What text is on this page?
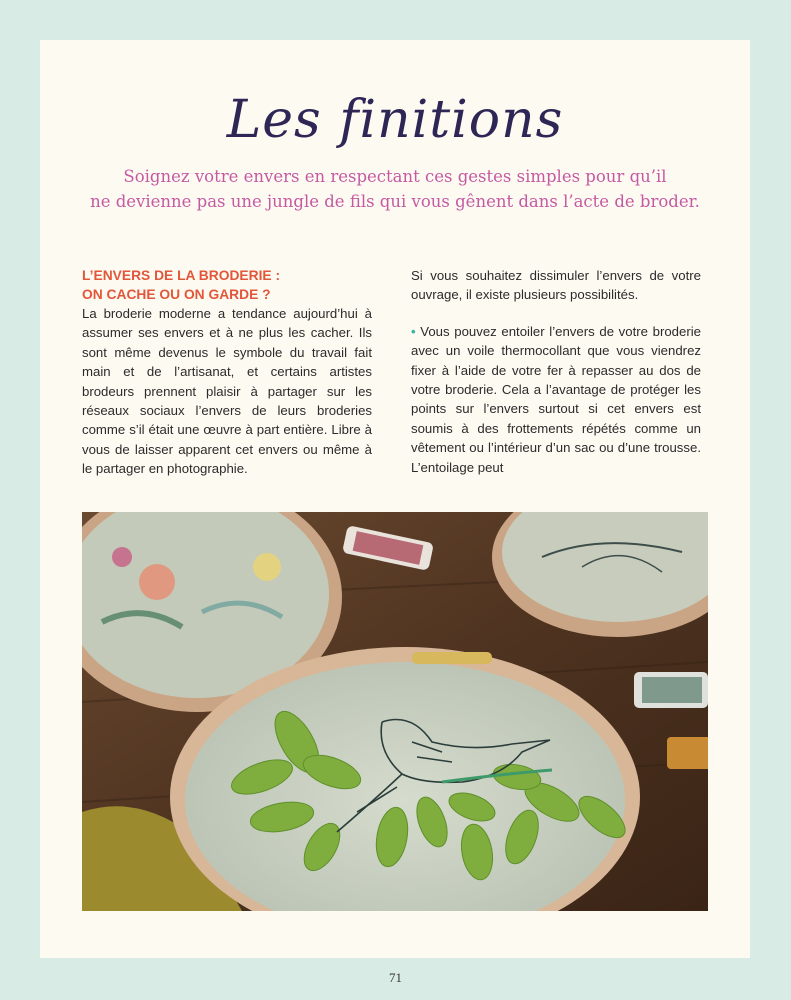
Les finitions
Soignez votre envers en respectant ces gestes simples pour qu’il
ne devienne pas une jungle de fils qui vous gênent dans l’acte de broder.
L’ENVERS DE LA BRODERIE :
ON CACHE OU ON GARDE ?

La broderie moderne a tendance aujourd’hui à assumer ses envers et à ne plus les cacher. Ils sont même devenus le symbole du travail fait main et de l’artisanat, et certains artistes brodeurs prennent plaisir à partager sur les réseaux sociaux l’envers de leurs broderies comme s’il était une œuvre à part entière. Libre à vous de laisser apparent cet envers ou même à le partager en photographie.

Si vous souhaitez dissimuler l’envers de votre ouvrage, il existe plusieurs possibilités.

• Vous pouvez entoiler l’envers de votre broderie avec un voile thermocollant que vous viendrez fixer à l’aide de votre fer à repasser au dos de votre broderie. Cela a l’avantage de protéger les points sur l’envers surtout si cet envers est soumis à des frottements répétés comme un vêtement ou l’intérieur d’un sac ou d’une trousse. L’entoilage peut

71
